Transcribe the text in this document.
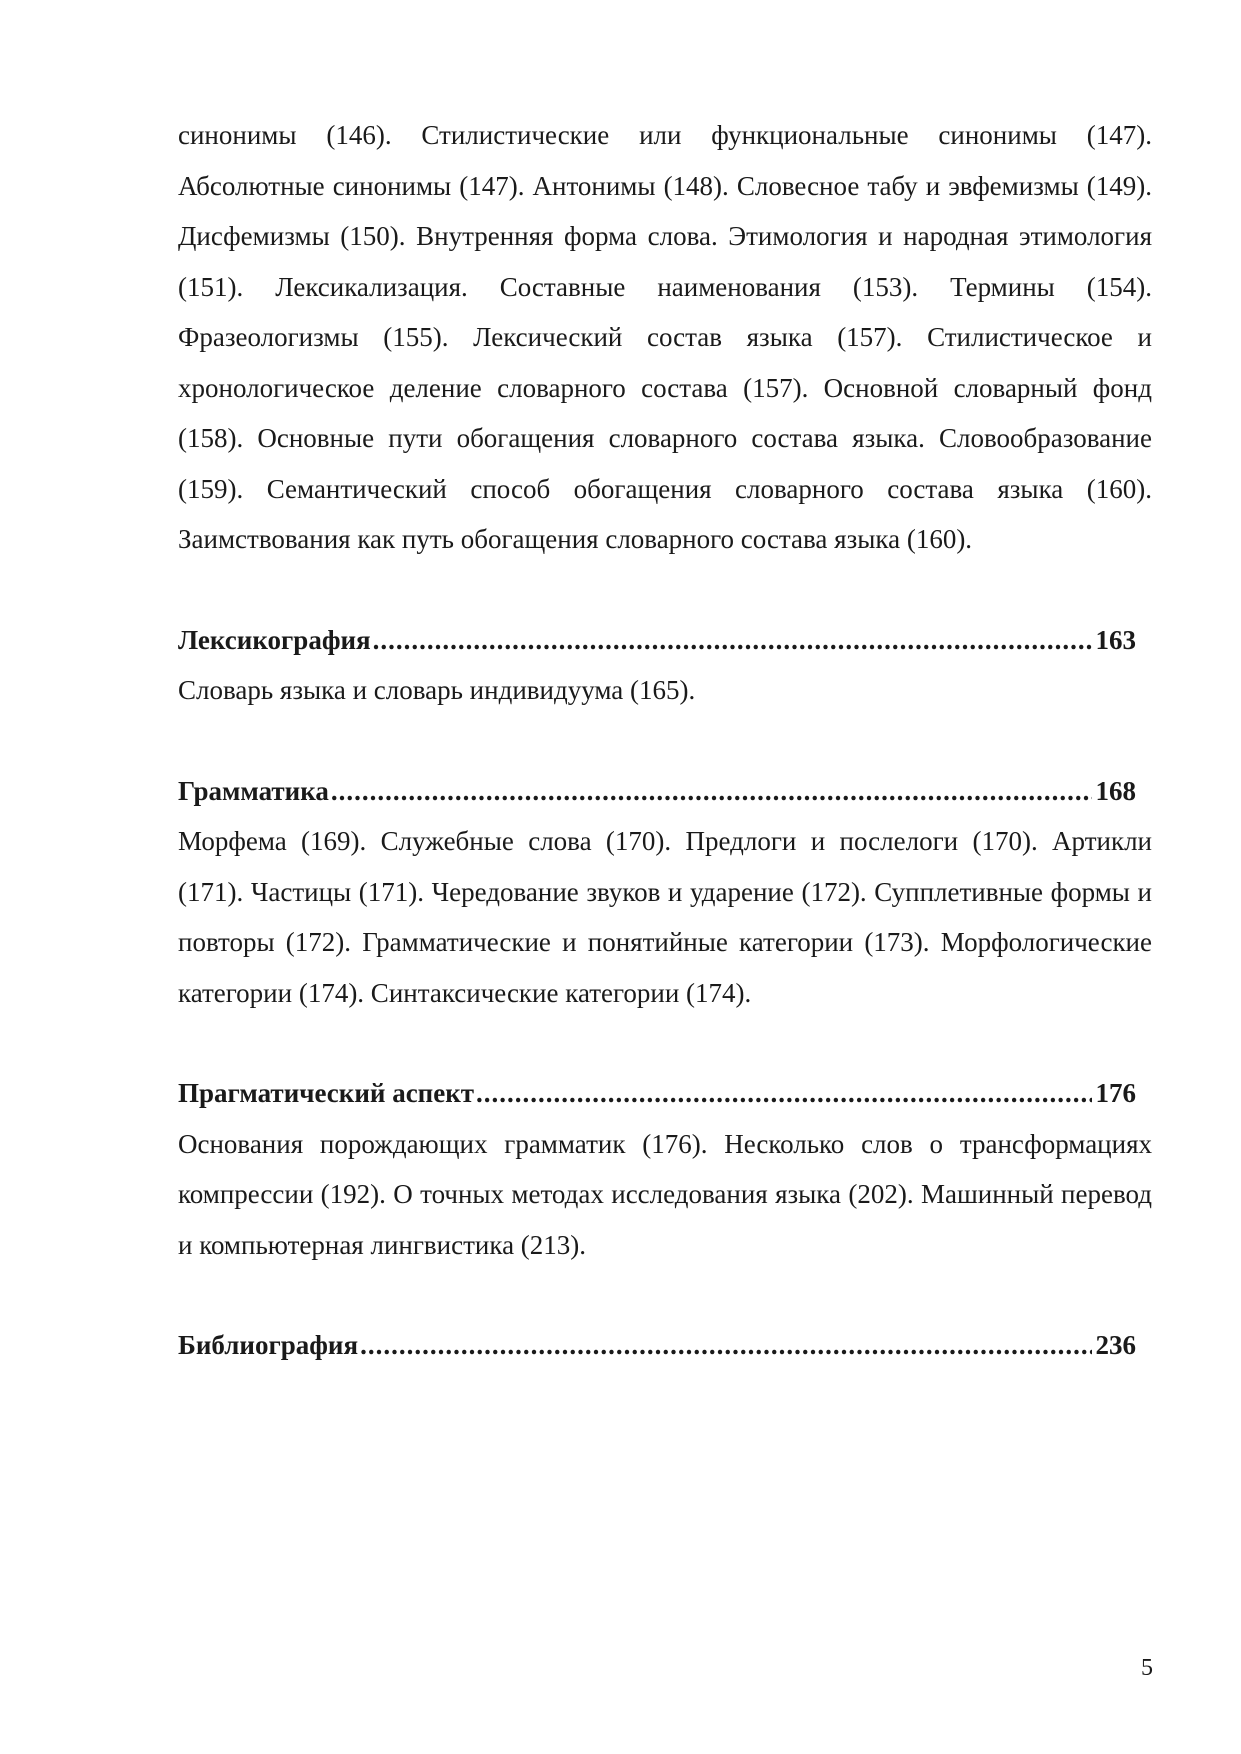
синонимы (146). Стилистические или функциональные синонимы (147). Абсолютные синонимы (147). Антонимы (148). Словесное табу и эвфемизмы (149). Дисфемизмы (150). Внутренняя форма слова. Этимология и народная этимология (151). Лексикализация. Составные наименования (153). Термины (154). Фразеологизмы (155). Лексический состав языка (157). Стилистическое и хронологическое деление словарного состава (157). Основной словарный фонд (158). Основные пути обогащения словарного состава языка. Словообразование (159). Семантический способ обогащения словарного состава языка (160). Заимствования как путь обогащения словарного состава языка (160).

Лексикография .....	163

Словарь языка и словарь индивидуума (165).

Грамматика .....	168

Морфема (169). Служебные слова (170). Предлоги и послелоги (170). Артикли (171). Частицы (171). Чередование звуков и ударение (172). Супплетивные формы и повторы (172). Грамматические и понятийные категории (173). Морфологические категории (174). Синтаксические категории (174).

Прагматический аспект .....	176

Основания порождающих грамматик (176). Несколько слов о трансформациях компрессии (192). О точных методах исследования языка (202). Машинный перевод и компьютерная лингвистика (213).

Библиография .....	236
5
